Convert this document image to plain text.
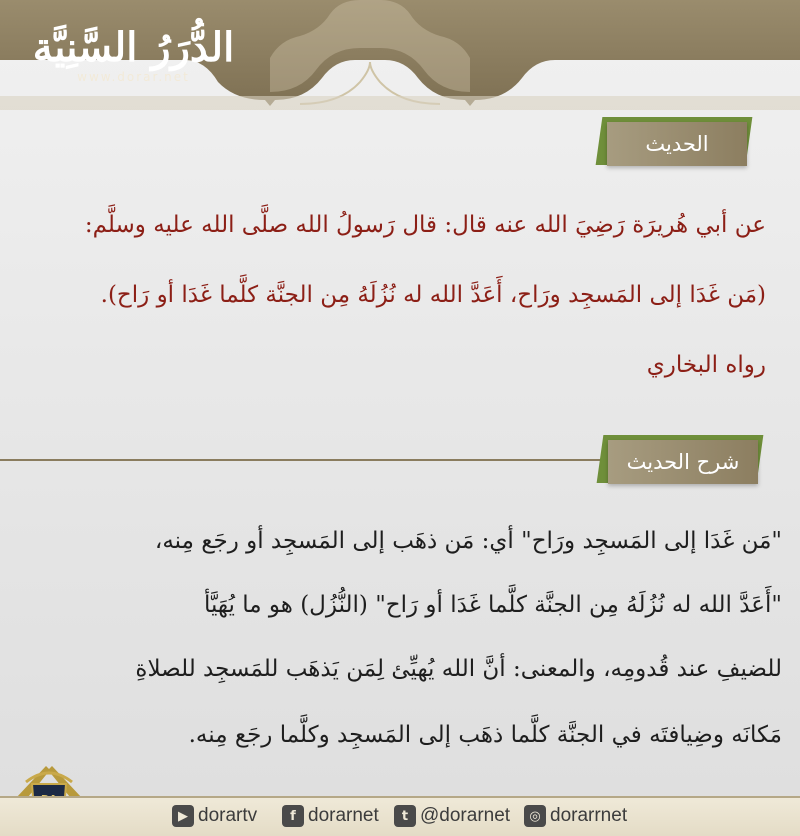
الدُّرَرُ السَّنِيَّة
www.dorar.net
الحديث
عن أبي هُريرَة رَضِيَ الله عنه قال: قال رَسولُ الله صلَّى الله عليه وسلَّم:
(مَن غَدَا إلى المَسجِد ورَاح، أَعَدَّ الله له نُزُلَهُ مِن الجنَّة كلَّما غَدَا أو رَاح).
رواه البخاري
شرح الحديث
"مَن غَدَا إلى المَسجِد ورَاح" أي: مَن ذهَب إلى المَسجِد أو رجَع مِنه،
"أَعَدَّ الله له نُزُلَهُ مِن الجنَّة كلَّما غَدَا أو رَاح" (النُّزُل) هو ما يُهَيَّأ
للضيفِ عند قُدومِه، والمعنى: أنَّ الله يُهيِّئ لِمَن يَذهَب للمَسجِد للصلاةِ
مَكانَه وضِيافتَه في الجنَّة كلَّما ذهَب إلى المَسجِد وكلَّما رجَع مِنه.
▶ dorartv	f dorarnet	t @dorarnet	◎ dorarrnet
